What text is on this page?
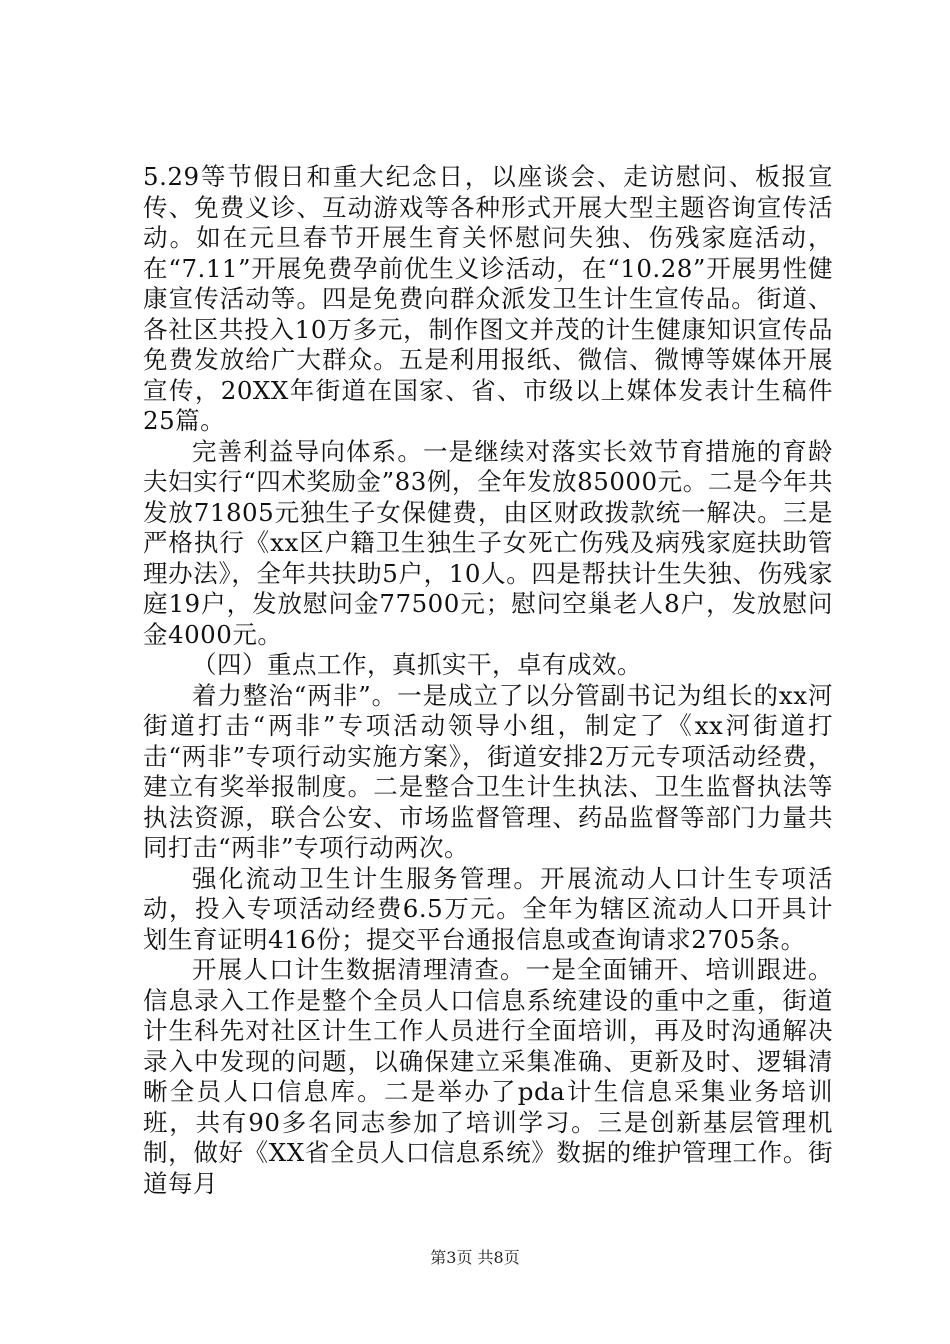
5.29等节假日和重大纪念日，以座谈会、走访慰问、板报宣传、免费义诊、互动游戏等各种形式开展大型主题咨询宣传活动。如在元旦春节开展生育关怀慰问失独、伤残家庭活动，在“7.11”开展免费孕前优生义诊活动，在“10.28”开展男性健康宣传活动等。四是免费向群众派发卫生计生宣传品。街道、各社区共投入10万多元，制作图文并茂的计生健康知识宣传品免费发放给广大群众。五是利用报纸、微信、微博等媒体开展宣传，20XX年街道在国家、省、市级以上媒体发表计生稿件25篇。

完善利益导向体系。一是继续对落实长效节育措施的育龄夫妇实行“四术奖励金”83例，全年发放85000元。二是今年共发放71805元独生子女保健费，由区财政拨款统一解决。三是严格执行《xx区户籍卫生独生子女死亡伤残及病残家庭扶助管理办法》，全年共扶助5户，10人。四是帮扶计生失独、伤残家庭19户，发放慰问金77500元；慰问空巢老人8户，发放慰问金4000元。

（四）重点工作，真抓实干，卓有成效。

着力整治“两非”。一是成立了以分管副书记为组长的xx河街道打击“两非”专项活动领导小组，制定了《xx河街道打击“两非”专项行动实施方案》，街道安排2万元专项活动经费，建立有奖举报制度。二是整合卫生计生执法、卫生监督执法等执法资源，联合公安、市场监督管理、药品监督等部门力量共同打击“两非”专项行动两次。

强化流动卫生计生服务管理。开展流动人口计生专项活动，投入专项活动经费6.5万元。全年为辖区流动人口开具计划生育证明416份；提交平台通报信息或查询请求2705条。

开展人口计生数据清理清查。一是全面铺开、培训跟进。信息录入工作是整个全员人口信息系统建设的重中之重，街道计生科先对社区计生工作人员进行全面培训，再及时沟通解决录入中发现的问题，以确保建立采集准确、更新及时、逻辑清晰全员人口信息库。二是举办了pda计生信息采集业务培训班，共有90多名同志参加了培训学习。三是创新基层管理机制，做好《XX省全员人口信息系统》数据的维护管理工作。街道每月

第3页 共8页
